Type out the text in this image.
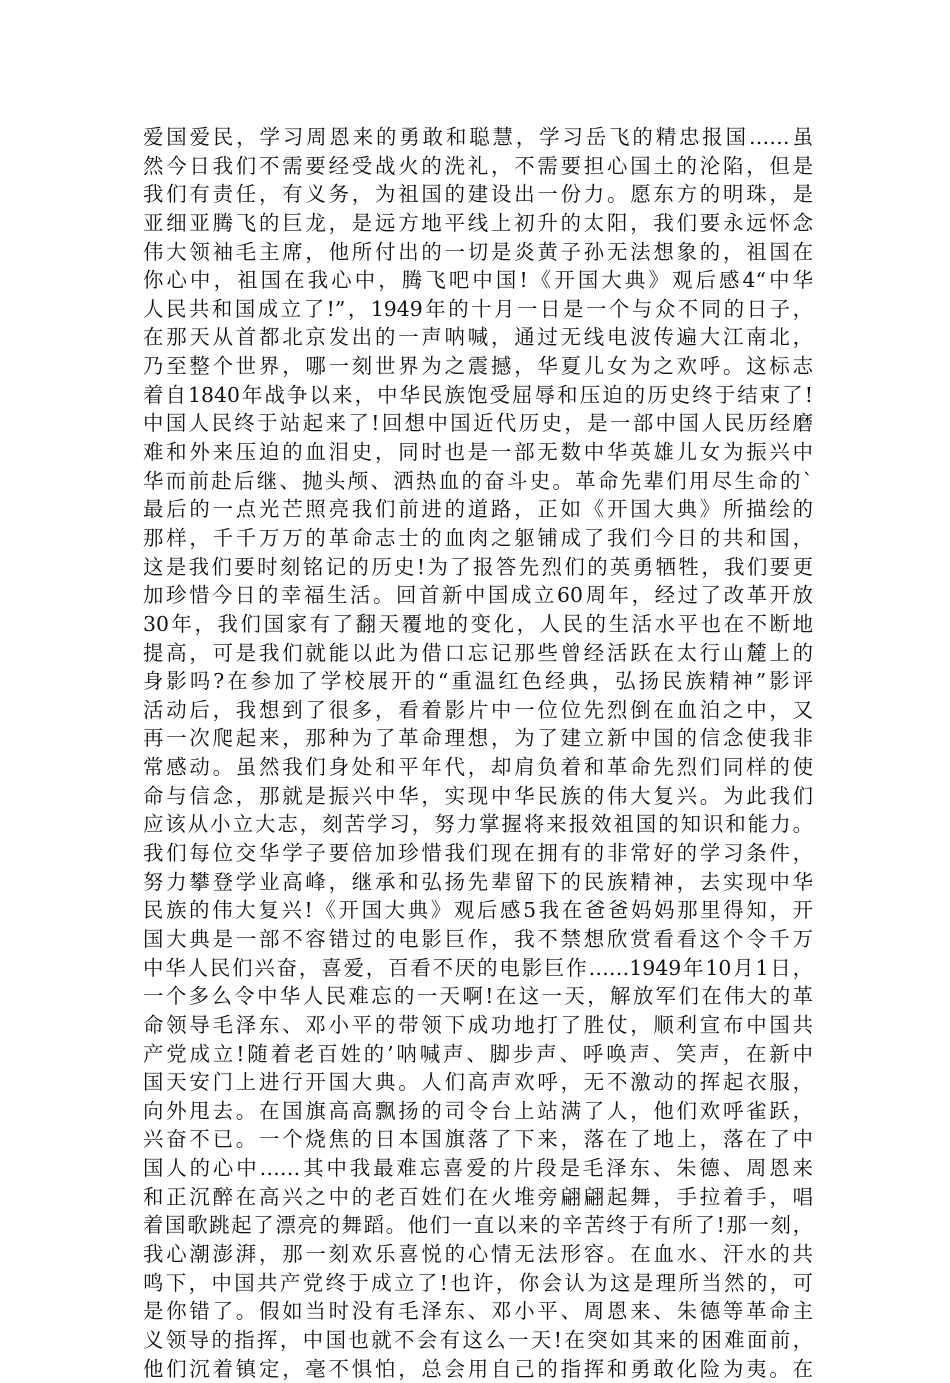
爱国爱民，学习周恩来的勇敢和聪慧，学习岳飞的精忠报国……虽
然今日我们不需要经受战火的洗礼，不需要担心国土的沦陷，但是
我们有责任，有义务，为祖国的建设出一份力。愿东方的明珠，是
亚细亚腾飞的巨龙，是远方地平线上初升的太阳，我们要永远怀念
伟大领袖毛主席，他所付出的一切是炎黄子孙无法想象的，祖国在
你心中，祖国在我心中，腾飞吧中国!《开国大典》观后感4“中华
人民共和国成立了!”，1949年的十月一日是一个与众不同的日子，
在那天从首都北京发出的一声呐喊，通过无线电波传遍大江南北，
乃至整个世界，哪一刻世界为之震撼，华夏儿女为之欢呼。这标志
着自1840年战争以来，中华民族饱受屈辱和压迫的历史终于结束了!
中国人民终于站起来了!回想中国近代历史，是一部中国人民历经磨
难和外来压迫的血泪史，同时也是一部无数中华英雄儿女为振兴中
华而前赴后继、抛头颅、洒热血的奋斗史。革命先辈们用尽生命的`
最后的一点光芒照亮我们前进的道路，正如《开国大典》所描绘的
那样，千千万万的革命志士的血肉之躯铺成了我们今日的共和国，
这是我们要时刻铭记的历史!为了报答先烈们的英勇牺牲，我们要更
加珍惜今日的幸福生活。回首新中国成立60周年，经过了改革开放
30年，我们国家有了翻天覆地的变化，人民的生活水平也在不断地
提高，可是我们就能以此为借口忘记那些曾经活跃在太行山麓上的
身影吗?在参加了学校展开的“重温红色经典，弘扬民族精神”影评
活动后，我想到了很多，看着影片中一位位先烈倒在血泊之中，又
再一次爬起来，那种为了革命理想，为了建立新中国的信念使我非
常感动。虽然我们身处和平年代，却肩负着和革命先烈们同样的使
命与信念，那就是振兴中华，实现中华民族的伟大复兴。为此我们
应该从小立大志，刻苦学习，努力掌握将来报效祖国的知识和能力。
我们每位交华学子要倍加珍惜我们现在拥有的非常好的学习条件，
努力攀登学业高峰，继承和弘扬先辈留下的民族精神，去实现中华
民族的伟大复兴!《开国大典》观后感5我在爸爸妈妈那里得知，开
国大典是一部不容错过的电影巨作，我不禁想欣赏看看这个令千万
中华人民们兴奋，喜爱，百看不厌的电影巨作……1949年10月1日，
一个多么令中华人民难忘的一天啊!在这一天，解放军们在伟大的革
命领导毛泽东、邓小平的带领下成功地打了胜仗，顺利宣布中国共
产党成立!随着老百姓的’呐喊声、脚步声、呼唤声、笑声，在新中
国天安门上进行开国大典。人们高声欢呼，无不激动的挥起衣服，
向外甩去。在国旗高高飘扬的司令台上站满了人，他们欢呼雀跃，
兴奋不已。一个烧焦的日本国旗落了下来，落在了地上，落在了中
国人的心中……其中我最难忘喜爱的片段是毛泽东、朱德、周恩来
和正沉醉在高兴之中的老百姓们在火堆旁翩翩起舞，手拉着手，唱
着国歌跳起了漂亮的舞蹈。他们一直以来的辛苦终于有所了!那一刻，
我心潮澎湃，那一刻欢乐喜悦的心情无法形容。在血水、汗水的共
鸣下，中国共产党终于成立了!也许，你会认为这是理所当然的，可
是你错了。假如当时没有毛泽东、邓小平、周恩来、朱德等革命主
义领导的指挥，中国也就不会有这么一天!在突如其来的困难面前，
他们沉着镇定，毫不惧怕，总会用自己的指挥和勇敢化险为夷。在
